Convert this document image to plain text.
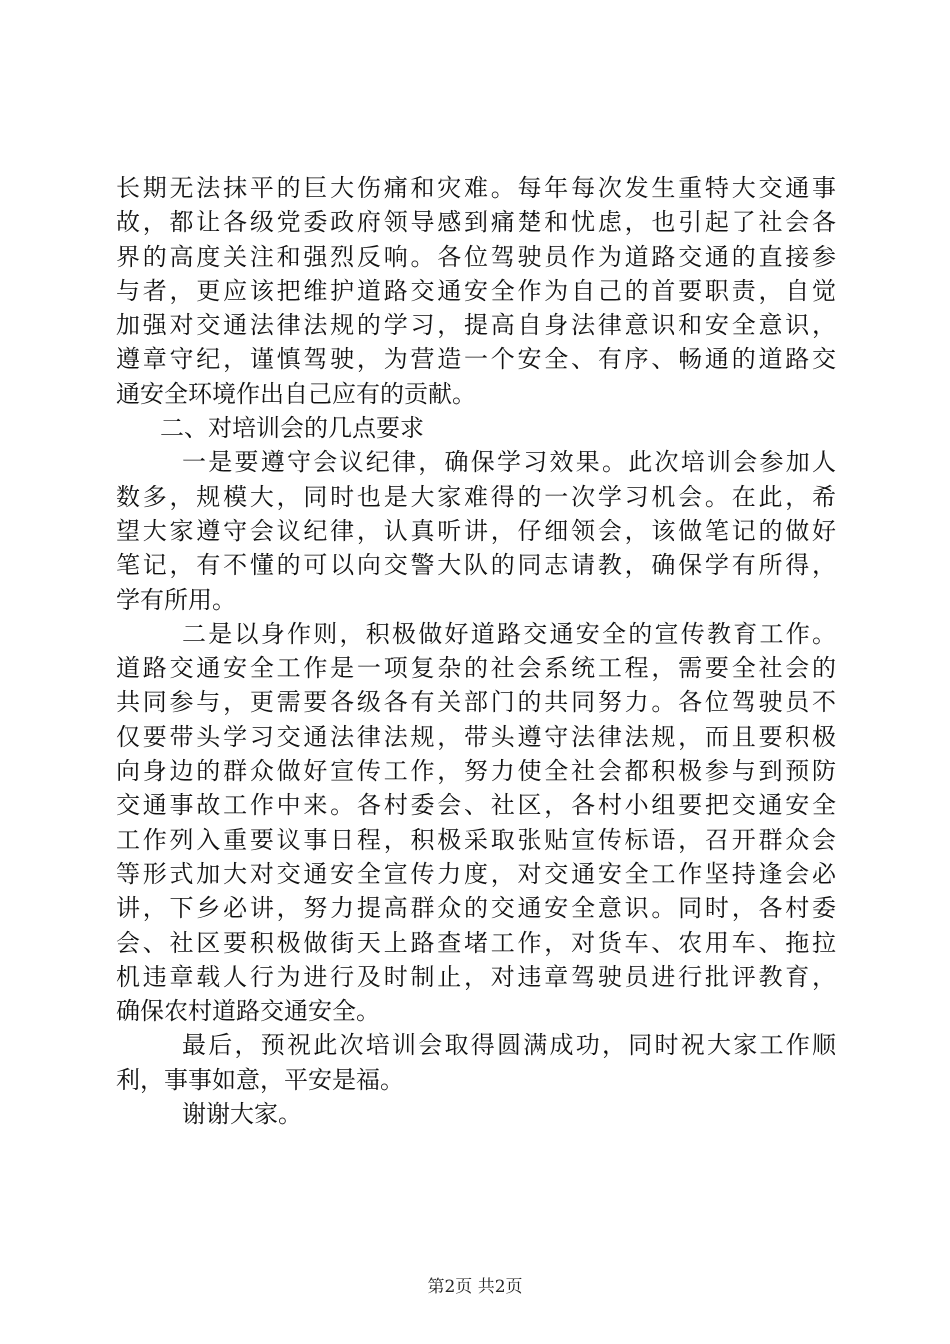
长期无法抹平的巨大伤痛和灾难。每年每次发生重特大交通事
故，都让各级党委政府领导感到痛楚和忧虑，也引起了社会各
界的高度关注和强烈反响。各位驾驶员作为道路交通的直接参
与者，更应该把维护道路交通安全作为自己的首要职责，自觉
加强对交通法律法规的学习，提高自身法律意识和安全意识，
遵章守纪，谨慎驾驶，为营造一个安全、有序、畅通的道路交
通安全环境作出自己应有的贡献。
二、对培训会的几点要求
一是要遵守会议纪律，确保学习效果。此次培训会参加人
数多，规模大，同时也是大家难得的一次学习机会。在此，希
望大家遵守会议纪律，认真听讲，仔细领会，该做笔记的做好
笔记，有不懂的可以向交警大队的同志请教，确保学有所得，
学有所用。
二是以身作则，积极做好道路交通安全的宣传教育工作。
道路交通安全工作是一项复杂的社会系统工程，需要全社会的
共同参与，更需要各级各有关部门的共同努力。各位驾驶员不
仅要带头学习交通法律法规，带头遵守法律法规，而且要积极
向身边的群众做好宣传工作，努力使全社会都积极参与到预防
交通事故工作中来。各村委会、社区，各村小组要把交通安全
工作列入重要议事日程，积极采取张贴宣传标语，召开群众会
等形式加大对交通安全宣传力度，对交通安全工作坚持逢会必
讲，下乡必讲，努力提高群众的交通安全意识。同时，各村委
会、社区要积极做街天上路查堵工作，对货车、农用车、拖拉
机违章载人行为进行及时制止，对违章驾驶员进行批评教育，
确保农村道路交通安全。
最后，预祝此次培训会取得圆满成功，同时祝大家工作顺
利，事事如意，平安是福。
谢谢大家。
第2页 共2页
